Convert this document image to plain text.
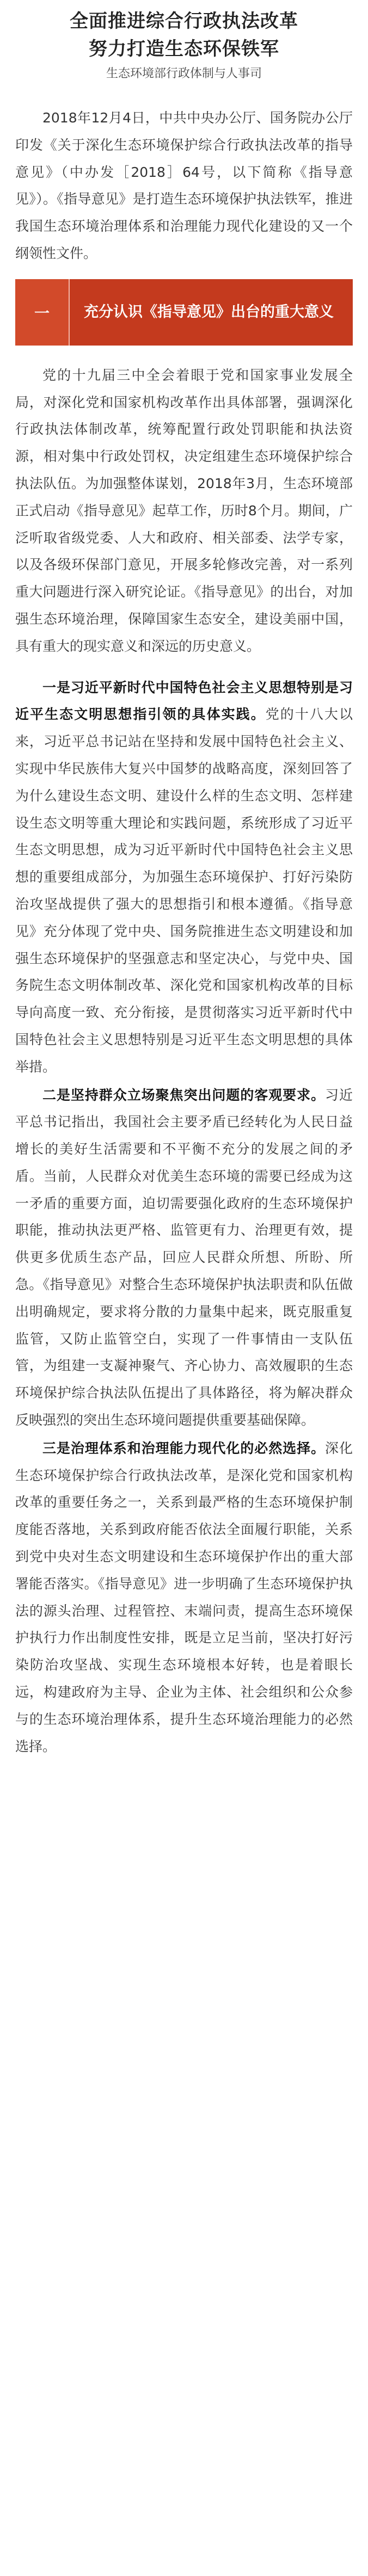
全面推进综合行政执法改革
努力打造生态环保铁军

生态环境部行政体制与人事司

2018年12月4日，中共中央办公厅、国务院办公厅印发《关于深化生态环境保护综合行政执法改革的指导意见》（中办发［2018］64号，以下简称《指导意见》）。《指导意见》是打造生态环境保护执法铁军，推进我国生态环境治理体系和治理能力现代化建设的又一个纲领性文件。

一	充分认识《指导意见》出台的重大意义

党的十九届三中全会着眼于党和国家事业发展全局，对深化党和国家机构改革作出具体部署，强调深化行政执法体制改革，统筹配置行政处罚职能和执法资源，相对集中行政处罚权，决定组建生态环境保护综合执法队伍。为加强整体谋划，2018年3月，生态环境部正式启动《指导意见》起草工作，历时8个月。期间，广泛听取省级党委、人大和政府、相关部委、法学专家，以及各级环保部门意见，开展多轮修改完善，对一系列重大问题进行深入研究论证。《指导意见》的出台，对加强生态环境治理，保障国家生态安全，建设美丽中国，具有重大的现实意义和深远的历史意义。

一是习近平新时代中国特色社会主义思想特别是习近平生态文明思想指引领的具体实践。党的十八大以来，习近平总书记站在坚持和发展中国特色社会主义、实现中华民族伟大复兴中国梦的战略高度，深刻回答了为什么建设生态文明、建设什么样的生态文明、怎样建设生态文明等重大理论和实践问题，系统形成了习近平生态文明思想，成为习近平新时代中国特色社会主义思想的重要组成部分，为加强生态环境保护、打好污染防治攻坚战提供了强大的思想指引和根本遵循。《指导意见》充分体现了党中央、国务院推进生态文明建设和加强生态环境保护的坚强意志和坚定决心，与党中央、国务院生态文明体制改革、深化党和国家机构改革的目标导向高度一致、充分衔接，是贯彻落实习近平新时代中国特色社会主义思想特别是习近平生态文明思想的具体举措。

二是坚持群众立场聚焦突出问题的客观要求。习近平总书记指出，我国社会主要矛盾已经转化为人民日益增长的美好生活需要和不平衡不充分的发展之间的矛盾。当前，人民群众对优美生态环境的需要已经成为这一矛盾的重要方面，迫切需要强化政府的生态环境保护职能，推动执法更严格、监管更有力、治理更有效，提供更多优质生态产品，回应人民群众所想、所盼、所急。《指导意见》对整合生态环境保护执法职责和队伍做出明确规定，要求将分散的力量集中起来，既克服重复监管，又防止监管空白，实现了一件事情由一支队伍管，为组建一支凝神聚气、齐心协力、高效履职的生态环境保护综合执法队伍提出了具体路径，将为解决群众反映强烈的突出生态环境问题提供重要基础保障。

三是治理体系和治理能力现代化的必然选择。深化生态环境保护综合行政执法改革，是深化党和国家机构改革的重要任务之一，关系到最严格的生态环境保护制度能否落地，关系到政府能否依法全面履行职能，关系到党中央对生态文明建设和生态环境保护作出的重大部署能否落实。《指导意见》进一步明确了生态环境保护执法的源头治理、过程管控、末端问责，提高生态环境保护执行力作出制度性安排，既是立足当前，坚决打好污染防治攻坚战、实现生态环境根本好转，也是着眼长远，构建政府为主导、企业为主体、社会组织和公众参与的生态环境治理体系，提升生态环境治理能力的必然选择。
